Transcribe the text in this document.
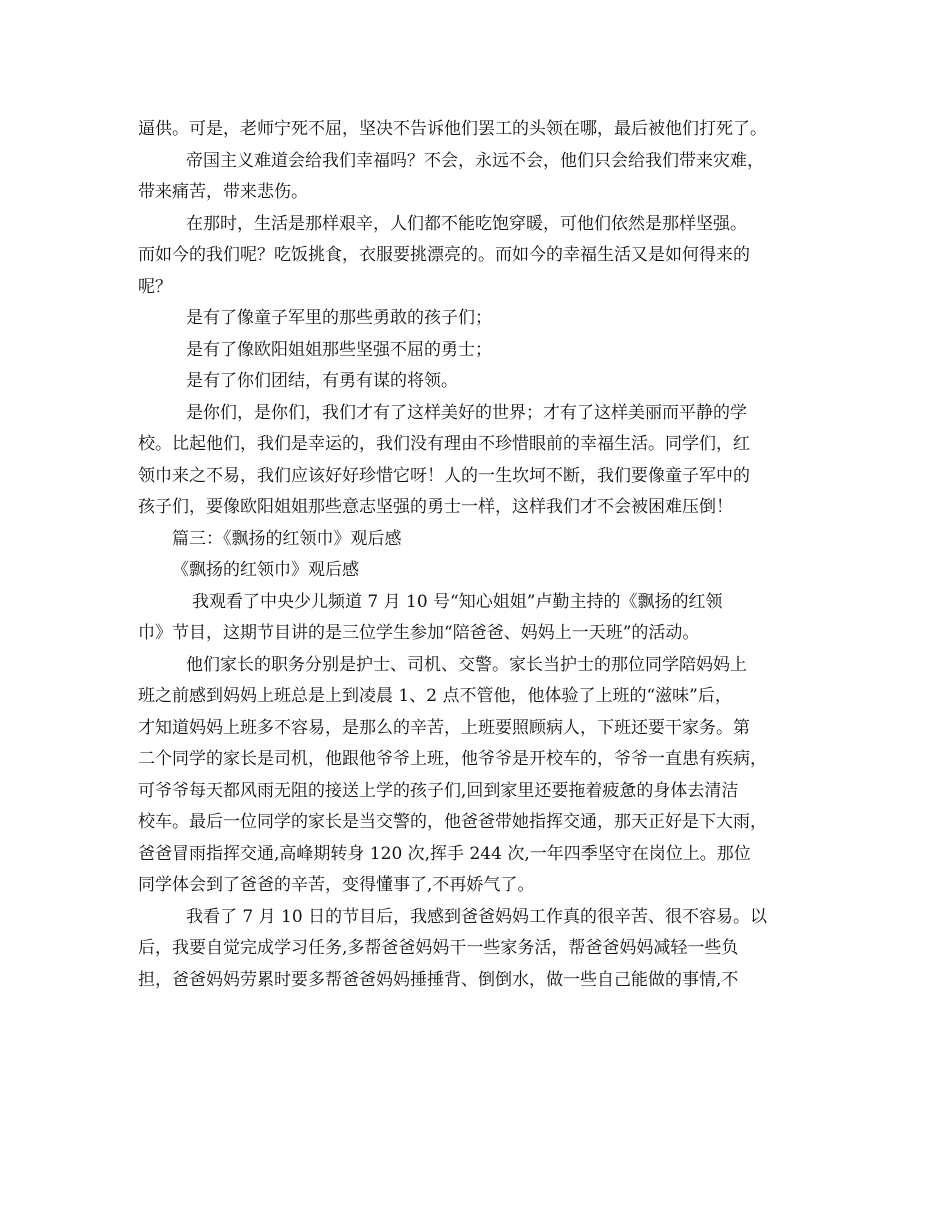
逼供。可是，老师宁死不屈，坚决不告诉他们罢工的头领在哪，最后被他们打死了。
帝国主义难道会给我们幸福吗？不会，永远不会，他们只会给我们带来灾难，
带来痛苦，带来悲伤。
在那时，生活是那样艰辛，人们都不能吃饱穿暖，可他们依然是那样坚强。
而如今的我们呢？吃饭挑食，衣服要挑漂亮的。而如今的幸福生活又是如何得来的
呢？
是有了像童子军里的那些勇敢的孩子们；
是有了像欧阳姐姐那些坚强不屈的勇士；
是有了你们团结，有勇有谋的将领。
是你们，是你们，我们才有了这样美好的世界；才有了这样美丽而平静的学
校。比起他们，我们是幸运的，我们没有理由不珍惜眼前的幸福生活。同学们，红
领巾来之不易，我们应该好好珍惜它呀！人的一生坎坷不断，我们要像童子军中的
孩子们，要像欧阳姐姐那些意志坚强的勇士一样，这样我们才不会被困难压倒！
篇三：《飘扬的红领巾》观后感
《飘扬的红领巾》观后感
我观看了中央少儿频道 7 月 10 号“知心姐姐”卢勤主持的《飘扬的红领
巾》节目，这期节目讲的是三位学生参加“陪爸爸、妈妈上一天班”的活动。
他们家长的职务分别是护士、司机、交警。家长当护士的那位同学陪妈妈上
班之前感到妈妈上班总是上到凌晨 1、2 点不管他，他体验了上班的“滋味”后，
才知道妈妈上班多不容易，是那么的辛苦，上班要照顾病人，下班还要干家务。第
二个同学的家长是司机，他跟他爷爷上班，他爷爷是开校车的，爷爷一直患有疾病，
可爷爷每天都风雨无阻的接送上学的孩子们,回到家里还要拖着疲惫的身体去清洁
校车。最后一位同学的家长是当交警的，他爸爸带她指挥交通，那天正好是下大雨，
爸爸冒雨指挥交通,高峰期转身 120 次,挥手 244 次,一年四季坚守在岗位上。那位
同学体会到了爸爸的辛苦，变得懂事了,不再娇气了。
我看了 7 月 10 日的节目后，我感到爸爸妈妈工作真的很辛苦、很不容易。以
后，我要自觉完成学习任务,多帮爸爸妈妈干一些家务活，帮爸爸妈妈减轻一些负
担，爸爸妈妈劳累时要多帮爸爸妈妈捶捶背、倒倒水，做一些自己能做的事情,不
